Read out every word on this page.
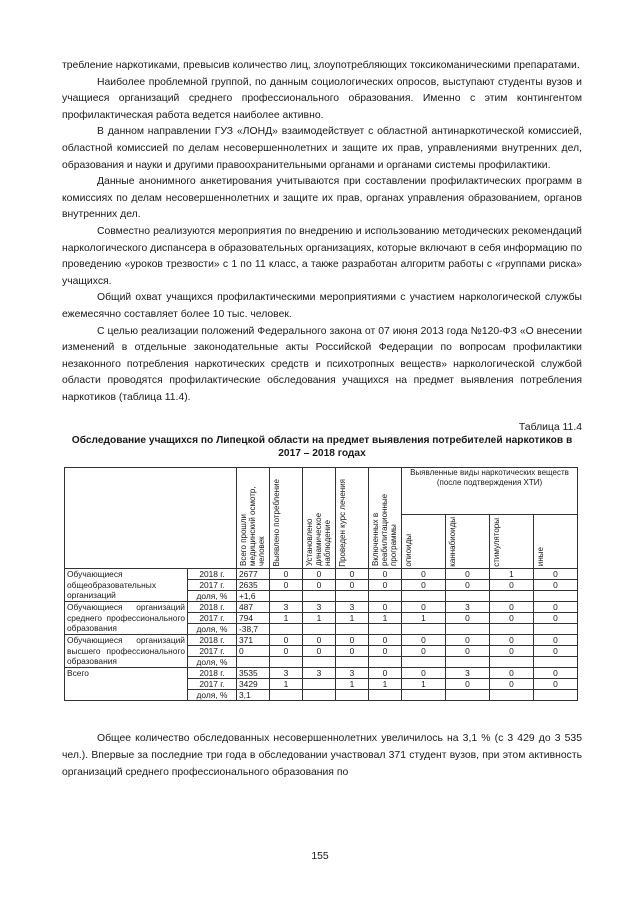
требление наркотиками, превысив количество лиц, злоупотребляющих токсикоманическими препаратами.

Наиболее проблемной группой, по данным социологических опросов, выступают студенты вузов и учащиеся организаций среднего профессионального образования. Именно с этим контингентом профилактическая работа ведется наиболее активно.

В данном направлении ГУЗ «ЛОНД» взаимодействует с областной антинаркотической комиссией, областной комиссией по делам несовершеннолетних и защите их прав, управлениями внутренних дел, образования и науки и другими правоохранительными органами и органами системы профилактики.

Данные анонимного анкетирования учитываются при составлении профилактических программ в комиссиях по делам несовершеннолетних и защите их прав, органах управления образованием, органов внутренних дел.

Совместно реализуются мероприятия по внедрению и использованию методических рекомендаций наркологического диспансера в образовательных организациях, которые включают в себя информацию по проведению «уроков трезвости» с 1 по 11 класс, а также разработан алгоритм работы с «группами риска» учащихся.

Общий охват учащихся профилактическими мероприятиями с участием наркологической службы ежемесячно составляет более 10 тыс. человек.

С целью реализации положений Федерального закона от 07 июня 2013 года №120-ФЗ «О внесении изменений в отдельные законодательные акты Российской Федерации по вопросам профилактики незаконного потребления наркотических средств и психотропных веществ» наркологической службой области проводятся профилактические обследования учащихся на предмет выявления потребления наркотиков (таблица 11.4).

Таблица 11.4
Обследование учащихся по Липецкой области на предмет выявления потребителей наркотиков в 2017 – 2018 годах

		Всего прошли медицинский осмотр, человек	Выявлено потребление	Установлено динамическое наблюдение	Проведен курс лечения	Включенных в реабилитационные программы	Выявленные виды наркотических веществ (после подтверждения ХТИ)			

							опиоиды	каннабиоиды	стимуляторы	иные

Обучающиеся общеобразовательных организаций	2018 г.	2677	0	0	0	0	0	0	1	0
	2017 г.	2635	0	0	0	0	0	0	0	0
	доля, %	+1,6								
Обучающиеся организаций среднего профессионального образования	2018 г.	487	3	3	3	0	0	3	0	0
	2017 г.	794	1	1	1	1	1	0	0	0
	доля, %	-38,7								
Обучающиеся организаций высшего профессионального образования	2018 г.	371	0	0	0	0	0	0	0	0
	2017 г.	0	0	0	0	0	0	0	0	0
	доля, %									
Всего	2018 г.	3535	3	3	3	0	0	3	0	0
	2017 г.	3429	1		1	1	1	0	0	0
	доля, %	3,1								

Общее количество обследованных несовершеннолетних увеличилось на 3,1 % (с 3 429 до 3 535 чел.). Впервые за последние три года в обследовании участвовал 371 студент вузов, при этом активность организаций среднего профессионального образования по

155
